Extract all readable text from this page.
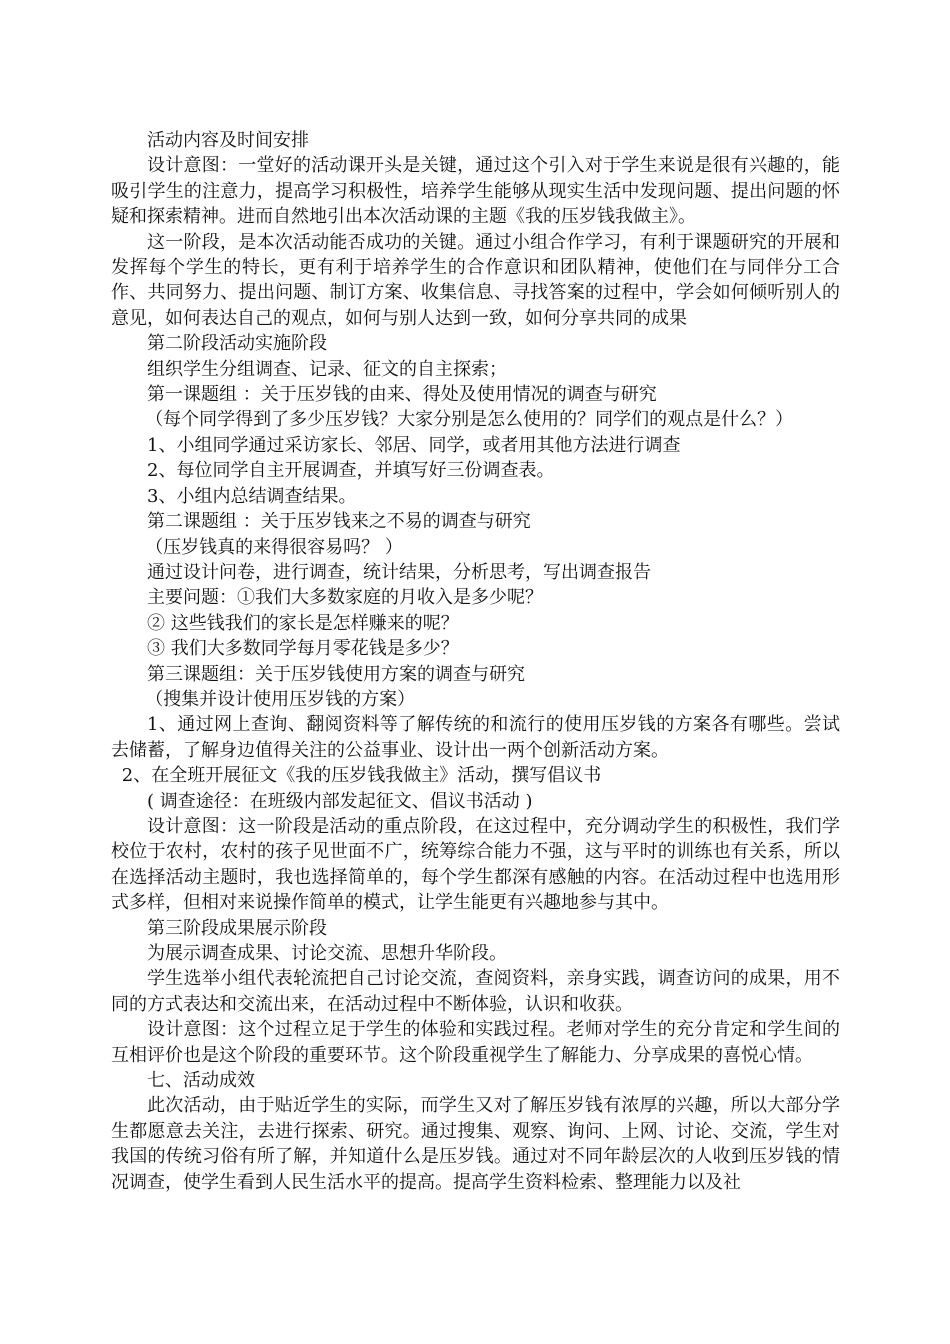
活动内容及时间安排

设计意图：一堂好的活动课开头是关键，通过这个引入对于学生来说是很有兴趣的，能吸引学生的注意力，提高学习积极性，培养学生能够从现实生活中发现问题、提出问题的怀疑和探索精神。进而自然地引出本次活动课的主题《我的压岁钱我做主》。

这一阶段，是本次活动能否成功的关键。通过小组合作学习，有利于课题研究的开展和发挥每个学生的特长，更有利于培养学生的合作意识和团队精神，使他们在与同伴分工合作、共同努力、提出问题、制订方案、收集信息、寻找答案的过程中，学会如何倾听别人的意见，如何表达自己的观点，如何与别人达到一致，如何分享共同的成果

第二阶段活动实施阶段

组织学生分组调查、记录、征文的自主探索；

第一课题组 ：关于压岁钱的由来、得处及使用情况的调查与研究

（每个同学得到了多少压岁钱？大家分别是怎么使用的？同学们的观点是什么？）

1、小组同学通过采访家长、邻居、同学，或者用其他方法进行调查

2、每位同学自主开展调查，并填写好三份调查表。

3、小组内总结调查结果。

第二课题组 ：关于压岁钱来之不易的调查与研究

（压岁钱真的来得很容易吗？ ）

通过设计问卷，进行调查，统计结果，分析思考，写出调查报告

主要问题：①我们大多数家庭的月收入是多少呢？

② 这些钱我们的家长是怎样赚来的呢？

③ 我们大多数同学每月零花钱是多少？

第三课题组：关于压岁钱使用方案的调查与研究

（搜集并设计使用压岁钱的方案）

1、通过网上查询、翻阅资料等了解传统的和流行的使用压岁钱的方案各有哪些。尝试去储蓄，了解身边值得关注的公益事业、设计出一两个创新活动方案。

2、在全班开展征文《我的压岁钱我做主》活动，撰写倡议书

( 调查途径：在班级内部发起征文、倡议书活动 )

设计意图：这一阶段是活动的重点阶段，在这过程中，充分调动学生的积极性，我们学校位于农村，农村的孩子见世面不广，统筹综合能力不强，这与平时的训练也有关系，所以在选择活动主题时，我也选择简单的，每个学生都深有感触的内容。在活动过程中也选用形式多样，但相对来说操作简单的模式，让学生能更有兴趣地参与其中。

第三阶段成果展示阶段

为展示调查成果、讨论交流、思想升华阶段。

学生选举小组代表轮流把自己讨论交流，查阅资料，亲身实践，调查访问的成果，用不同的方式表达和交流出来，在活动过程中不断体验，认识和收获。

设计意图：这个过程立足于学生的体验和实践过程。老师对学生的充分肯定和学生间的互相评价也是这个阶段的重要环节。这个阶段重视学生了解能力、分享成果的喜悦心情。

七、活动成效

此次活动，由于贴近学生的实际，而学生又对了解压岁钱有浓厚的兴趣，所以大部分学生都愿意去关注，去进行探索、研究。通过搜集、观察、询问、上网、讨论、交流，学生对我国的传统习俗有所了解，并知道什么是压岁钱。通过对不同年龄层次的人收到压岁钱的情况调查，使学生看到人民生活水平的提高。提高学生资料检索、整理能力以及社
